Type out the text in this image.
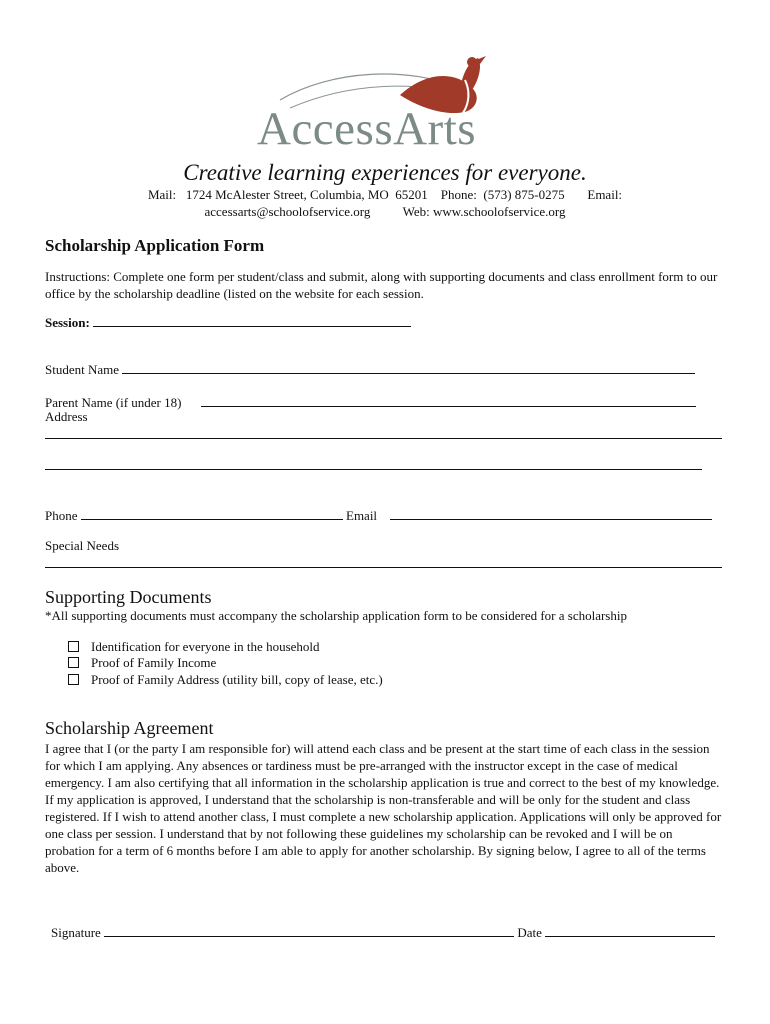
AccessArts
Creative learning experiences for everyone.
Mail:   1724 McAlester Street, Columbia, MO  65201    Phone:  (573) 875-0275       Email:
accessarts@schoolofservice.org          Web: www.schoolofservice.org
Scholarship Application Form
Instructions: Complete one form per student/class and submit, along with supporting documents and class enrollment form to our office by the scholarship deadline (listed on the website for each session.
Session:
Student Name
Parent Name (if under 18)
Address
Phone	Email
Special Needs
Supporting Documents
*All supporting documents must accompany the scholarship application form to be considered for a scholarship
Identification for everyone in the household
Proof of Family Income
Proof of Family Address (utility bill, copy of lease, etc.)
Scholarship Agreement
I agree that I (or the party I am responsible for) will attend each class and be present at the start time of each class in the session for which I am applying. Any absences or tardiness must be pre-arranged with the instructor except in the case of medical emergency. I am also certifying that all information in the scholarship application is true and correct to the best of my knowledge. If my application is approved, I understand that the scholarship is non-transferable and will be only for the student and class registered. If I wish to attend another class, I must complete a new scholarship application. Applications will only be approved for one class per session. I understand that by not following these guidelines my scholarship can be revoked and I will be on probation for a term of 6 months before I am able to apply for another scholarship. By signing below, I agree to all of the terms above.
Signature	Date
